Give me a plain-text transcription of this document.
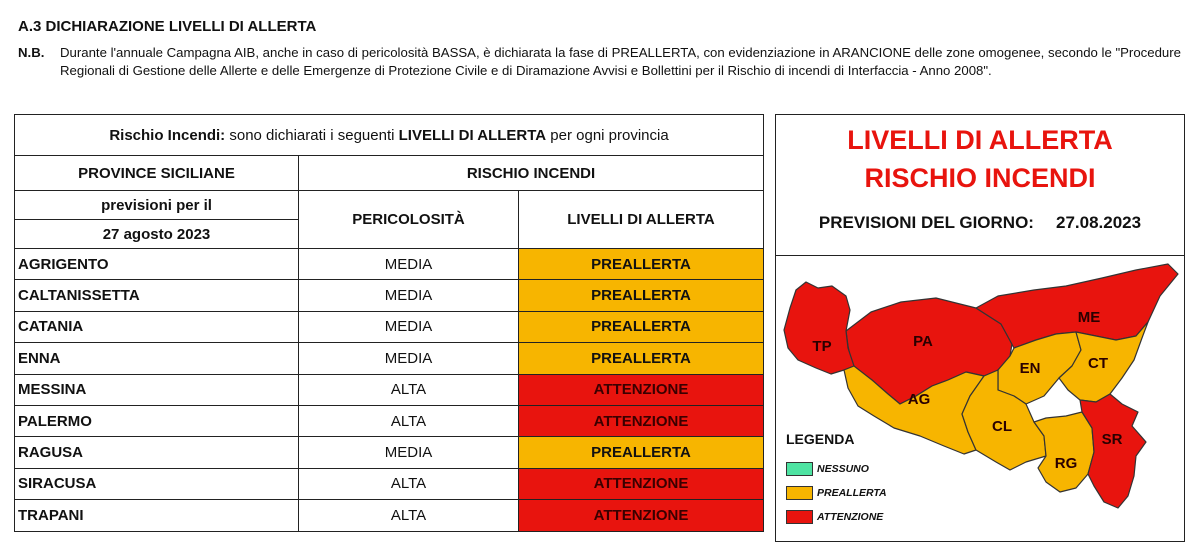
A.3 DICHIARAZIONE LIVELLI DI ALLERTA
N.B. Durante l'annuale Campagna AIB, anche in caso di pericolosità BASSA, è dichiarata la fase di PREALLERTA, con evidenziazione in ARANCIONE delle zone omogenee, secondo le "Procedure Regionali di Gestione delle Allerte e delle Emergenze di Protezione Civile e di Diramazione Avvisi e Bollettini per il Rischio di incendi di Interfaccia - Anno 2008".
Rischio Incendi: sono dichiarati i seguenti LIVELLI DI ALLERTA per ogni provincia		
PROVINCE SICILIANE	RISCHIO INCENDI	
previsioni per il	PERICOLOSITÀ	LIVELLI DI ALLERTA
27 agosto 2023		
AGRIGENTO	MEDIA	PREALLERTA
CALTANISSETTA	MEDIA	PREALLERTA
CATANIA	MEDIA	PREALLERTA
ENNA	MEDIA	PREALLERTA
MESSINA	ALTA	ATTENZIONE
PALERMO	ALTA	ATTENZIONE
RAGUSA	MEDIA	PREALLERTA
SIRACUSA	ALTA	ATTENZIONE
TRAPANI	ALTA	ATTENZIONE
LIVELLI DI ALLERTA
RISCHIO INCENDI
PREVISIONI DEL GIORNO: 27.08.2023
TP	PA
ME
AG
CL
EN	CT
RG
SR
LEGENDA
NESSUNO
PREALLERTA
ATTENZIONE
